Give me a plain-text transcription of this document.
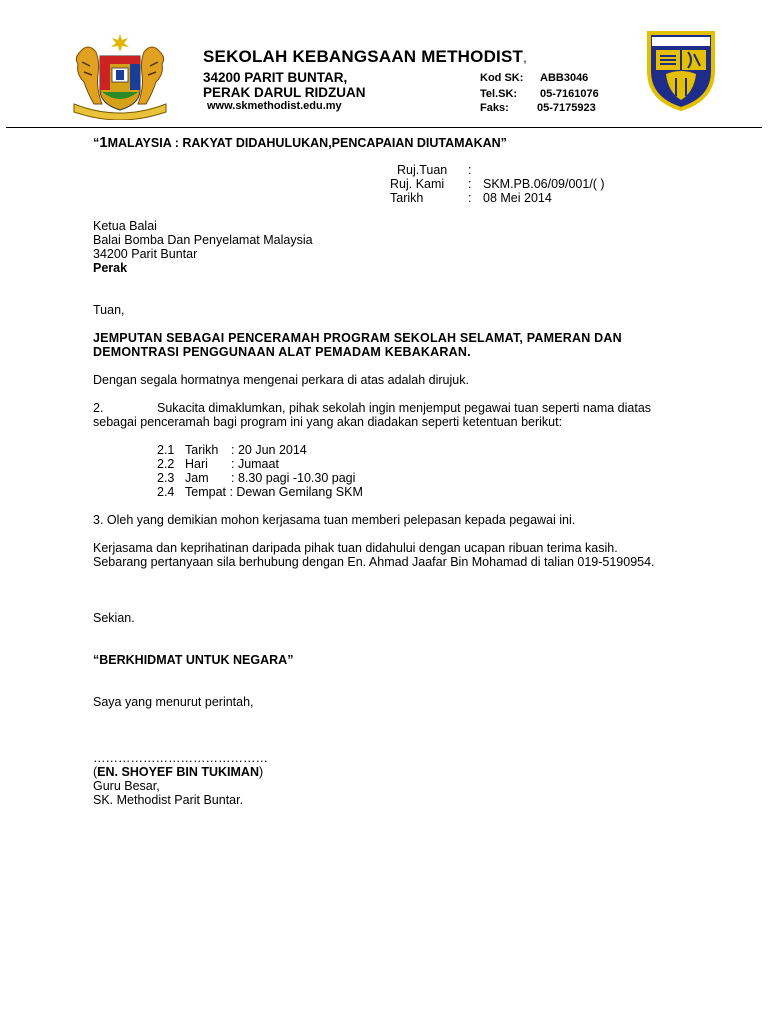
SEKOLAH KEBANGSAAN METHODIST,
34200 PARIT BUNTAR,
PERAK DARUL RIDZUAN
www.skmethodist.edu.my
Kod SK: ABB3046
Tel.SK: 05-7161076
Faks:	05-7175923
“1MALAYSIA : RAKYAT DIDAHULUKAN,PENCAPAIAN DIUTAMAKAN”
Ruj.Tuan :
Ruj. Kami : SKM.PB.06/09/001/( )
Tarikh	: 08 Mei 2014
Ketua Balai
Balai Bomba Dan Penyelamat Malaysia
34200 Parit Buntar
Perak
Tuan,
JEMPUTAN SEBAGAI PENCERAMAH PROGRAM SEKOLAH SELAMAT, PAMERAN DAN
DEMONTRASI PENGGUNAAN ALAT PEMADAM KEBAKARAN.
Dengan segala hormatnya mengenai perkara di atas adalah dirujuk.
2.	Sukacita dimaklumkan, pihak sekolah ingin menjemput pegawai tuan seperti nama diatas
sebagai penceramah bagi program ini yang akan diadakan seperti ketentuan berikut:
2.1 Tarikh : 20 Jun 2014
2.2 Hari : Jumaat
2.3 Jam : 8.30 pagi -10.30 pagi
2.4 Tempat : Dewan Gemilang SKM
3. Oleh yang demikian mohon kerjasama tuan memberi pelepasan kepada pegawai ini.
Kerjasama dan keprihatinan daripada pihak tuan didahului dengan ucapan ribuan terima kasih.
Sebarang pertanyaan sila berhubung dengan En. Ahmad Jaafar Bin Mohamad di talian 019-5190954.
Sekian.
“BERKHIDMAT UNTUK NEGARA”
Saya yang menurut perintah,
……………………………………
(EN. SHOYEF BIN TUKIMAN)
Guru Besar,
SK. Methodist Parit Buntar.
